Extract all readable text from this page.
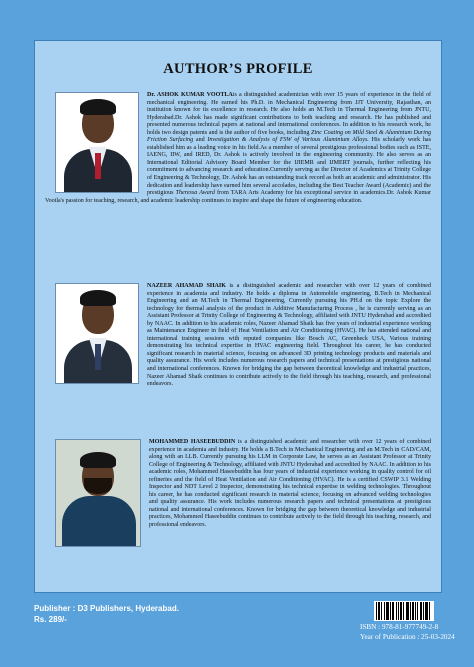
AUTHOR’S PROFILE
Dr. ASHOK KUMAR VOOTLAis a distinguished academician with over 15 years of experience in the field of mechanical engineering. He earned his Ph.D. in Mechanical Engineering from JJT University, Rajasthan, an institution known for its excellence in research. He also holds an M.Tech in Thermal Engineering from JNTU, Hyderabad.Dr. Ashok has made significant contributions to both teaching and research. He has published and presented numerous technical papers at national and international conferences. In addition to his research work, he holds two design patents and is the author of five books, including Zinc Coating on Mild Steel & Aluminium During Friction Surfacing and Investigation & Analysis of FSW of Various Aluminium Alloys. His scholarly work has established him as a leading voice in his field.As a member of several prestigious professional bodies such as ISTE, IAENG, IIW, and IRED, Dr. Ashok is actively involved in the engineering community. He also serves as an International Editorial Advisory Board Member for the IJIEMR and IJMERT journals, further reflecting his commitment to advancing research and education.Currently serving as the Director of Academics at Trinity College of Engineering & Technology, Dr. Ashok has an outstanding track record as both an academic and administrator. His dedication and leadership have earned him several accolades, including the Best Teacher Award (Academic) and the prestigious Theressa Award from TARA Arts Academy for his exceptional service in academics.Dr. Ashok Kumar Vootla's passion for teaching, research, and academic leadership continues to inspire and shape the future of engineering education.
NAZEER AHAMAD SHAIK is a distinguished academic and researcher with over 12 years of combined experience in academia and industry. He holds a diploma in Automobile engineering, B.Tech in Mechanical Engineering and an M.Tech in Thermal Engineering, Currently pursuing his PH.d on the topic Explore the technology for thermal analysis of the product in Additive Manufacturing Process , he is currently serving as an Assistant Professor at Trinity College of Engineering & Technology, affiliated with JNTU Hyderabad and accredited by NAAC. In addition to his academic roles, Nazeer Ahamad Shaik has five years of industrial experience working as Maintenance Engineer in field of Heat Ventilation and Air Conditioning (HVAC). He has attended national and international training sessions with reputed companies like Bosch AC, Greenheck USA, Various training demonstrating his technical expertise in HVAC engineering field. Throughout his career, he has conducted significant research in material science, focusing on advanced 3D printing technology products and materials and quality assurance. His work includes numerous research papers and technical presentations at prestigious national and international conferences. Known for bridging the gap between theoretical knowledge and industrial practices, Nazeer Ahamad Shaik continues to contribute actively to the field through his teaching, research, and professional endeavors.
MOHAMMED HASEEBUDDIN is a distinguished academic and researcher with over 12 years of combined experience in academia and industry. He holds a B.Tech in Mechanical Engineering and an M.Tech in CAD/CAM, along with an LLB. Currently pursuing his LLM in Corporate Law, he serves as an Assistant Professor at Trinity College of Engineering & Technology, affiliated with JNTU Hyderabad and accredited by NAAC. In addition to his academic roles, Mohammed Haseebuddin has four years of industrial experience working in quality control for oil refineries and the field of Heat Ventilation and Air Conditioning (HVAC). He is a certified CSWIP 3.1 Welding Inspector and NDT Level 2 Inspector, demonstrating his technical expertise in welding technologies. Throughout his career, he has conducted significant research in material science, focusing on advanced welding technologies and quality assurance. His work includes numerous research papers and technical presentations at prestigious national and international conferences. Known for bridging the gap between theoretical knowledge and industrial practices, Mohammed Haseebuddin continues to contribute actively to the field through his teaching, research, and professional endeavors.
Publisher : D3 Publishers, Hyderabad.
Rs. 289/-
ISBN : 978-81-977749-2-8
Year of Publication : 25-03-2024
